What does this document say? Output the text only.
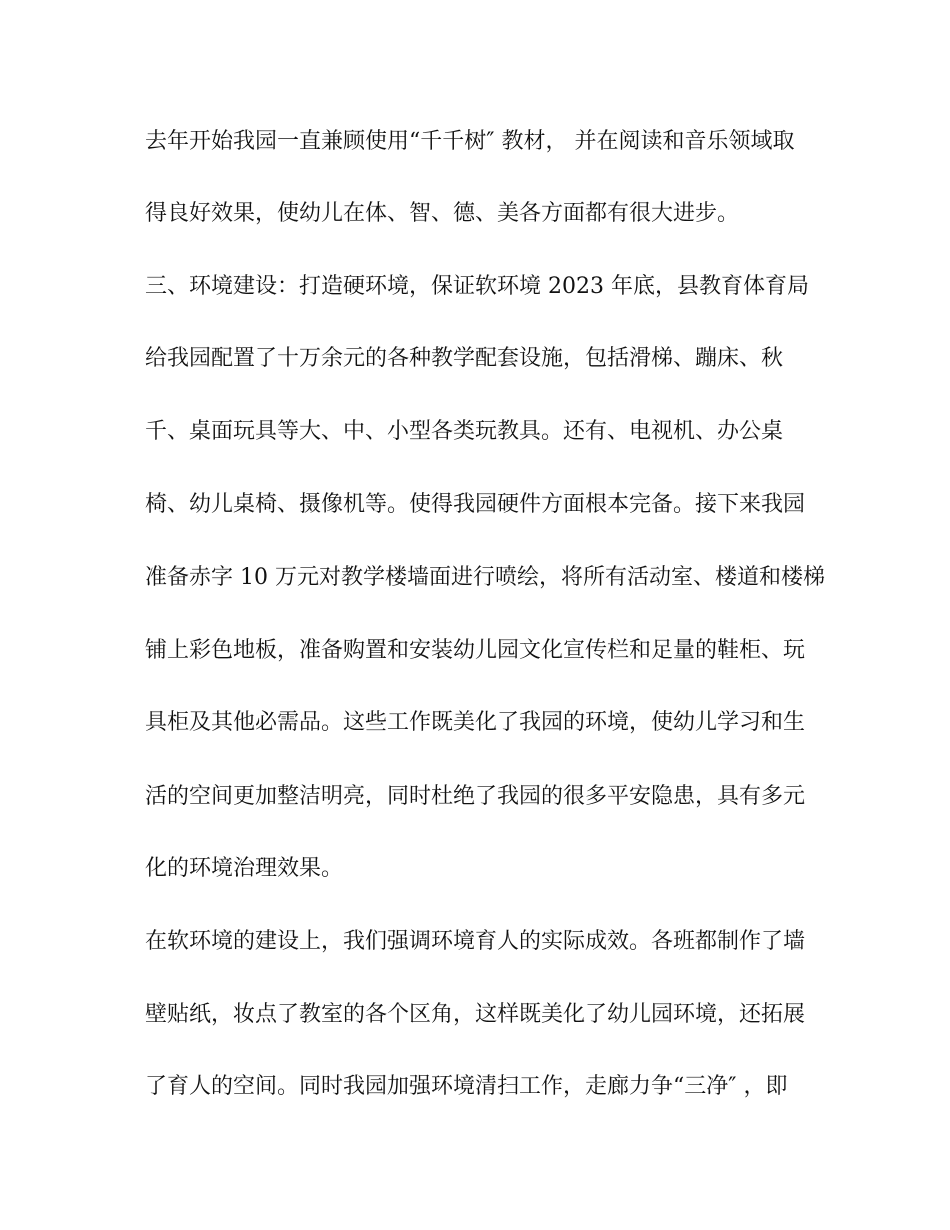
去年开始我园一直兼顾使用“千千树″ 教材， 并在阅读和音乐领域取
得良好效果，使幼儿在体、智、德、美各方面都有很大进步。
三、环境建设：打造硬环境，保证软环境 2023 年底，县教育体育局
给我园配置了十万余元的各种教学配套设施，包括滑梯、蹦床、秋
千、桌面玩具等大、中、小型各类玩教具。还有、电视机、办公桌
椅、幼儿桌椅、摄像机等。使得我园硬件方面根本完备。接下来我园
准备赤字 10 万元对教学楼墙面进行喷绘，将所有活动室、楼道和楼梯
铺上彩色地板，准备购置和安装幼儿园文化宣传栏和足量的鞋柜、玩
具柜及其他必需品。这些工作既美化了我园的环境，使幼儿学习和生
活的空间更加整洁明亮，同时杜绝了我园的很多平安隐患，具有多元
化的环境治理效果。
在软环境的建设上，我们强调环境育人的实际成效。各班都制作了墙
壁贴纸，妆点了教室的各个区角，这样既美化了幼儿园环境，还拓展
了育人的空间。同时我园加强环境清扫工作，走廊力争“三净″ ，即
